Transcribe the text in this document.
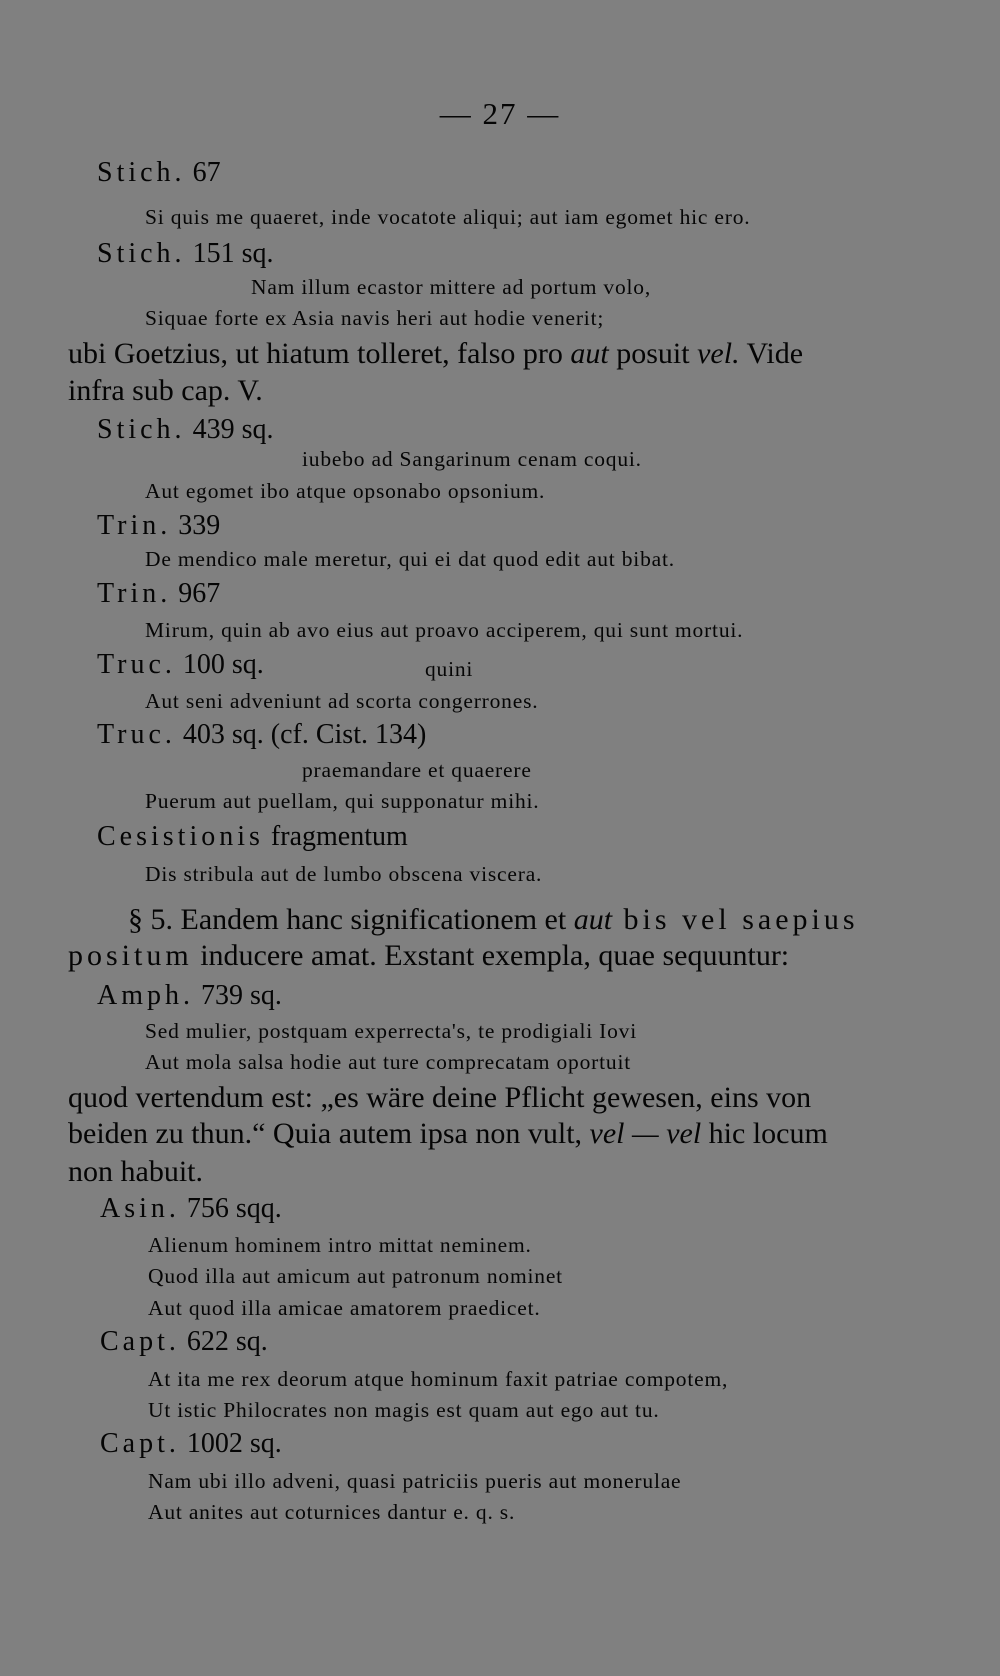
— 27 —
Stich. 67
Si quis me quaeret, inde vocatote aliqui; aut iam egomet hic ero.
Stich. 151 sq.
Nam illum ecastor mittere ad portum volo,
Siquae forte ex Asia navis heri aut hodie venerit;
ubi Goetzius, ut hiatum tolleret, falso pro aut posuit vel. Vide
infra sub cap. V.
Stich. 439 sq.
iubebo ad Sangarinum cenam coqui.
Aut egomet ibo atque opsonabo opsonium.
Trin. 339
De mendico male meretur, qui ei dat quod edit aut bibat.
Trin. 967
Mirum, quin ab avo eius aut proavo acciperem, qui sunt mortui.
Truc. 100 sq.	quini
Aut seni adveniunt ad scorta congerrones.
Truc. 403 sq. (cf. Cist. 134)
praemandare et quaerere
Puerum aut puellam, qui supponatur mihi.
Cesistionis fragmentum
Dis stribula aut de lumbo obscena viscera.
§ 5. Eandem hanc significationem et aut bis vel saepius
positum inducere amat. Exstant exempla, quae sequuntur:
Amph. 739 sq.
Sed mulier, postquam experrecta's, te prodigiali Iovi
Aut mola salsa hodie aut ture comprecatam oportuit
quod vertendum est: „es wäre deine Pflicht gewesen, eins von
beiden zu thun.“ Quia autem ipsa non vult, vel — vel hic locum
non habuit.
Asin. 756 sqq.
Alienum hominem intro mittat neminem.
Quod illa aut amicum aut patronum nominet
Aut quod illa amicae amatorem praedicet.
Capt. 622 sq.
At ita me rex deorum atque hominum faxit patriae compotem,
Ut istic Philocrates non magis est quam aut ego aut tu.
Capt. 1002 sq.
Nam ubi illo adveni, quasi patriciis pueris aut monerulae
Aut anites aut coturnices dantur e. q. s.
